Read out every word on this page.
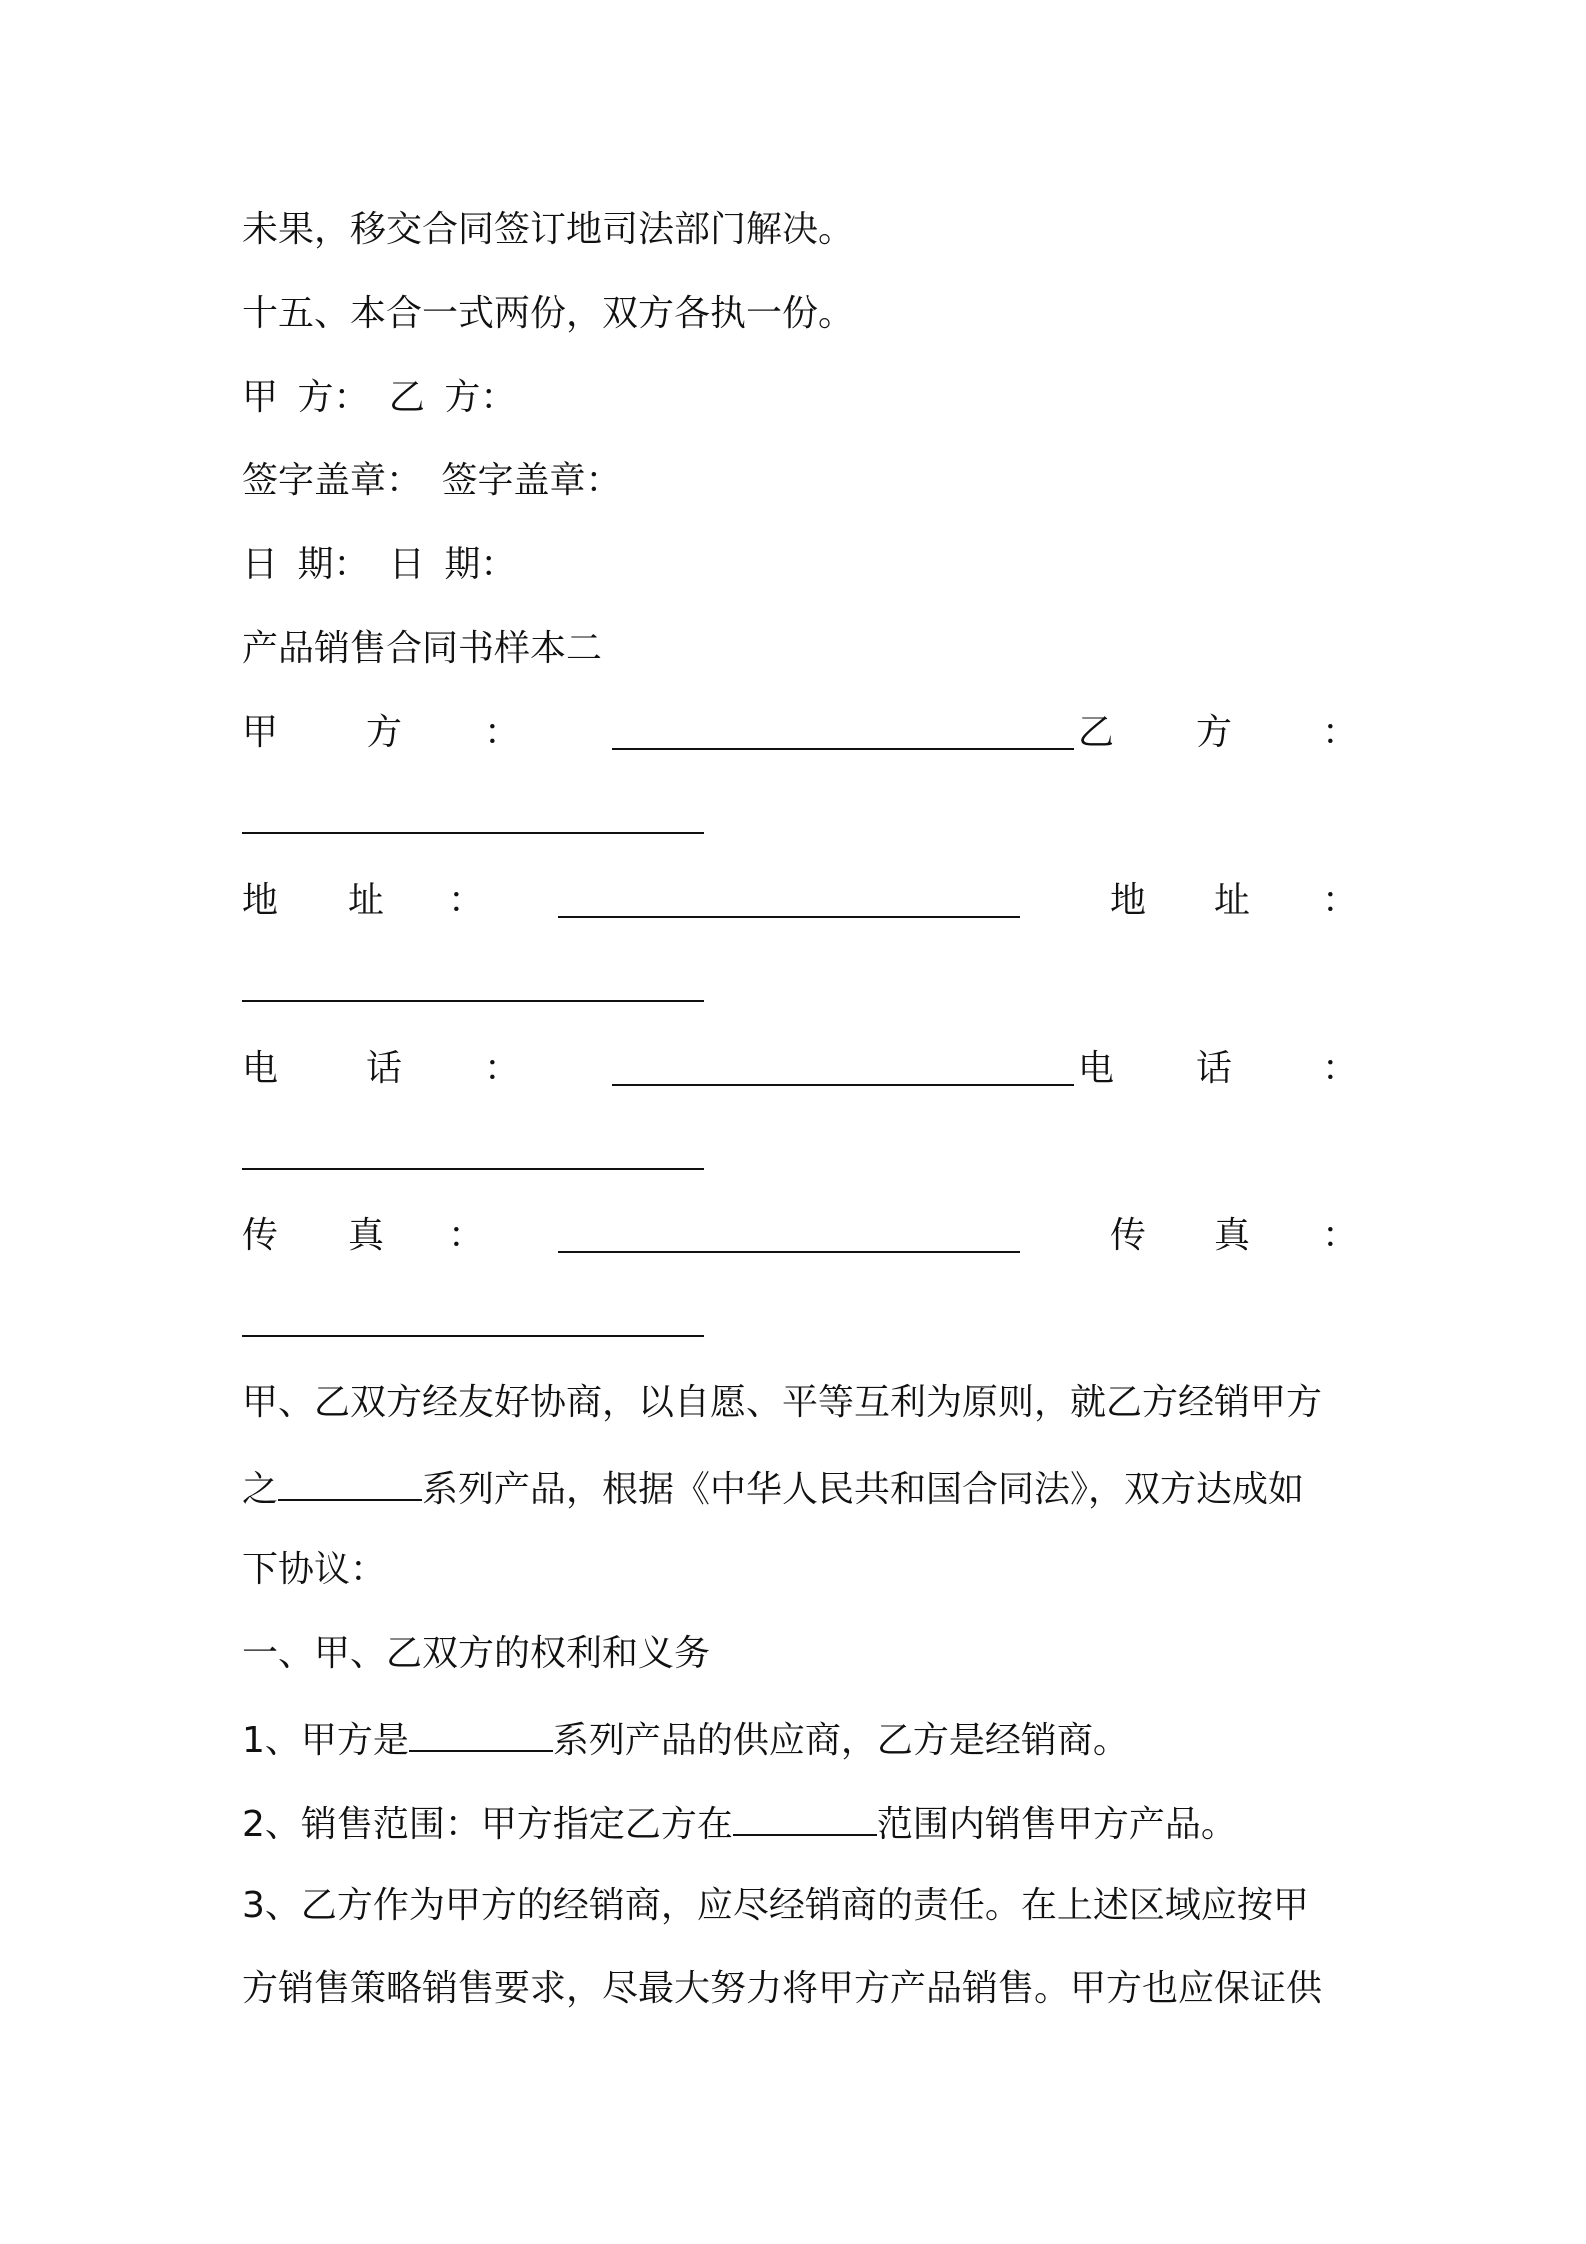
未果，移交合同签订地司法部门解决。
十五、本合一式两份，双方各执一份。
甲 方： 乙 方：
签字盖章： 签字盖章：
日 期： 日 期：
产品销售合同书样本二
甲 方 ：	乙 方 ：
地 址 ：	地 址 ：
电 话 ：	电 话 ：
传 真 ：	传 真 ：
甲、乙双方经友好协商，以自愿、平等互利为原则，就乙方经销甲方
之	系列产品，根据《中华人民共和国合同法》，双方达成如
下协议：
一、甲、乙双方的权利和义务
1、甲方是	系列产品的供应商，乙方是经销商。
2、销售范围：甲方指定乙方在	范围内销售甲方产品。
3、乙方作为甲方的经销商，应尽经销商的责任。在上述区域应按甲
方销售策略销售要求，尽最大努力将甲方产品销售。甲方也应保证供
